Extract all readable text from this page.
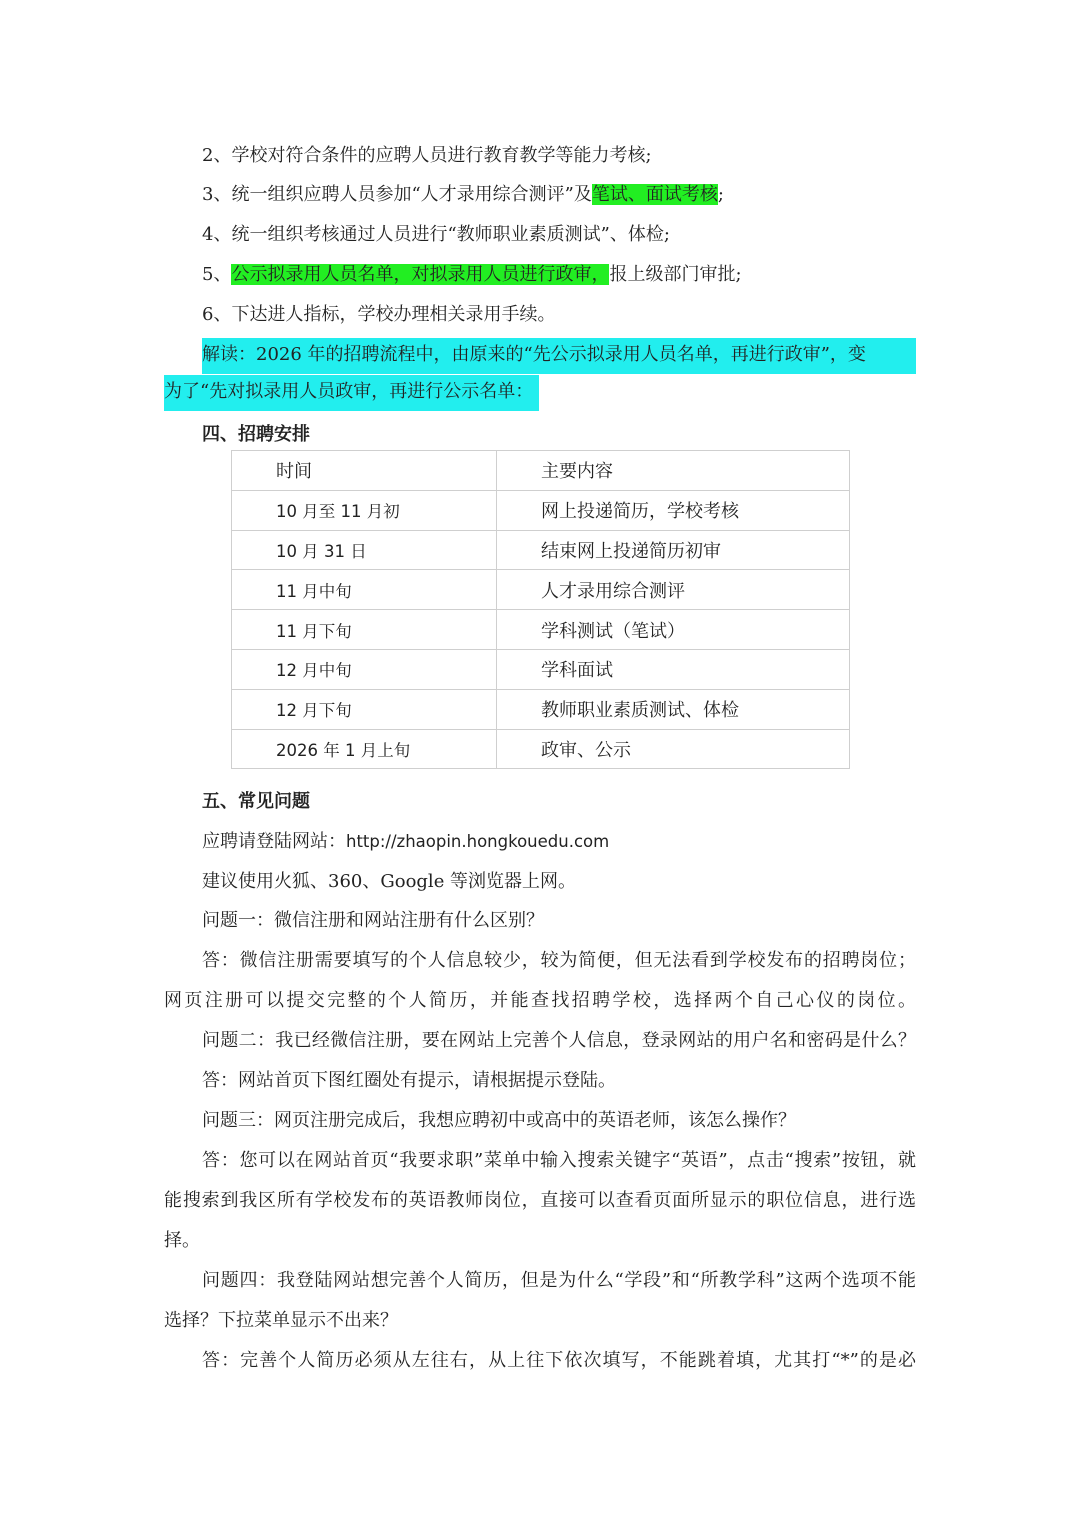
2、学校对符合条件的应聘人员进行教育教学等能力考核;
3、统一组织应聘人员参加“人才录用综合测评”及笔试、面试考核;
4、统一组织考核通过人员进行“教师职业素质测试”、体检;
5、公示拟录用人员名单，对拟录用人员进行政审，报上级部门审批;
6、下达进人指标，学校办理相关录用手续。
解读：2026 年的招聘流程中，由原来的“先公示拟录用人员名单，再进行政审”，变
为了“先对拟录用人员政审，再进行公示名单：
四、招聘安排
时间	主要内容
10 月至 11 月初	网上投递简历，学校考核
10 月 31 日	结束网上投递简历初审
11 月中旬	人才录用综合测评
11 月下旬	学科测试（笔试）
12 月中旬	学科面试
12 月下旬	教师职业素质测试、体检
2026 年 1 月上旬	政审、公示
五、常见问题
应聘请登陆网站：http://zhaopin.hongkouedu.com
建议使用火狐、360、Google 等浏览器上网。
问题一：微信注册和网站注册有什么区别？
答：微信注册需要填写的个人信息较少，较为简便，但无法看到学校发布的招聘岗位；
网页注册可以提交完整的个人简历，并能查找招聘学校，选择两个自己心仪的岗位。
问题二：我已经微信注册，要在网站上完善个人信息，登录网站的用户名和密码是什么？
答：网站首页下图红圈处有提示，请根据提示登陆。
问题三：网页注册完成后，我想应聘初中或高中的英语老师，该怎么操作？
答：您可以在网站首页“我要求职”菜单中输入搜索关键字“英语”，点击“搜索”按钮，就
能搜索到我区所有学校发布的英语教师岗位，直接可以查看页面所显示的职位信息，进行选
择。
问题四：我登陆网站想完善个人简历，但是为什么“学段”和“所教学科”这两个选项不能
选择？下拉菜单显示不出来？
答：完善个人简历必须从左往右，从上往下依次填写，不能跳着填，尤其打“*”的是必
